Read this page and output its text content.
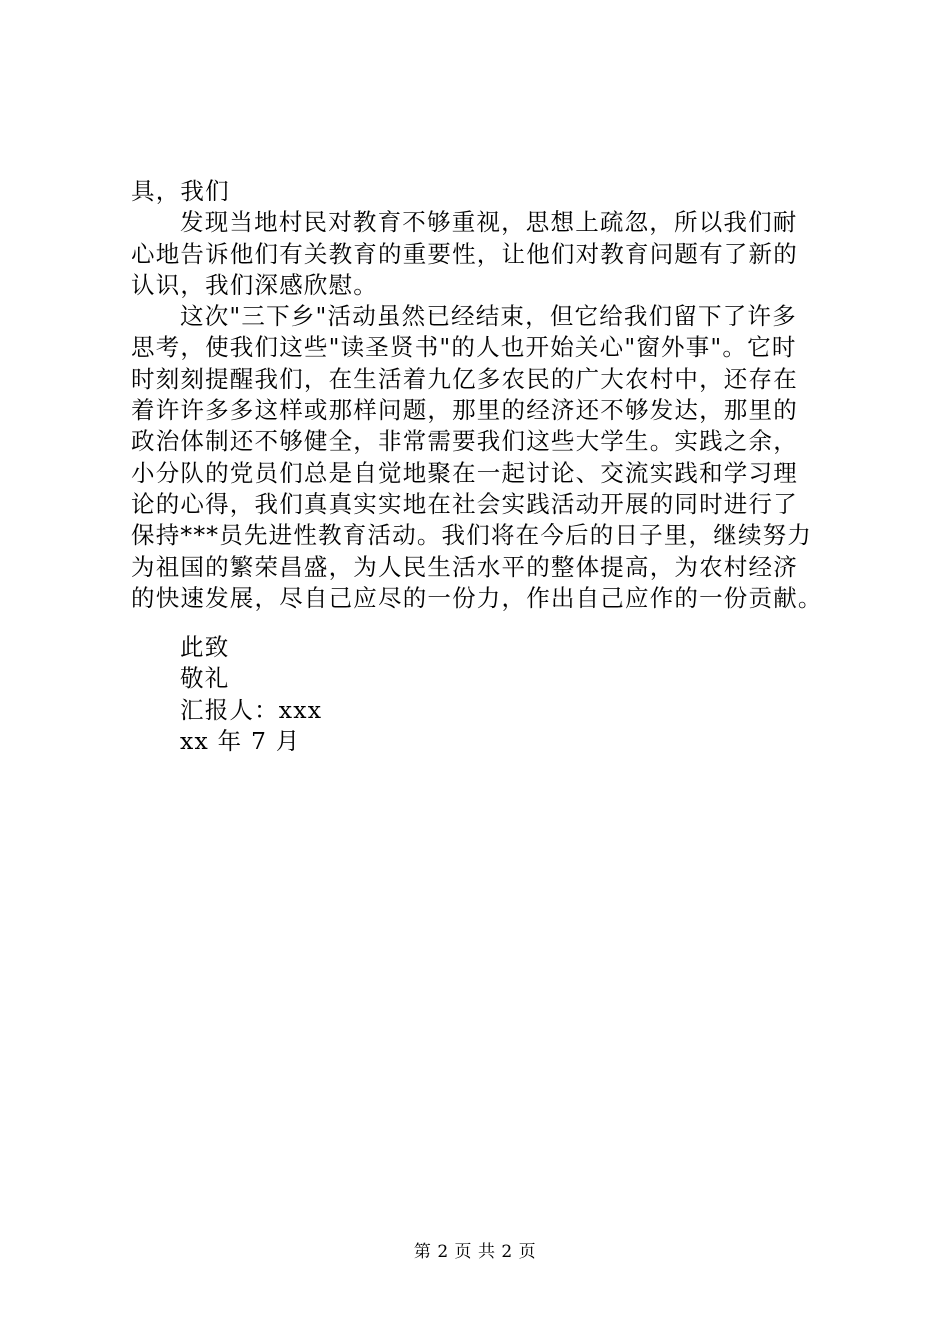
具，我们
发现当地村民对教育不够重视，思想上疏忽，所以我们耐
心地告诉他们有关教育的重要性，让他们对教育问题有了新的
认识，我们深感欣慰。
这次"三下乡"活动虽然已经结束，但它给我们留下了许多
思考，使我们这些"读圣贤书"的人也开始关心"窗外事"。它时
时刻刻提醒我们，在生活着九亿多农民的广大农村中，还存在
着许许多多这样或那样问题，那里的经济还不够发达，那里的
政治体制还不够健全，非常需要我们这些大学生。实践之余，
小分队的党员们总是自觉地聚在一起讨论、交流实践和学习理
论的心得，我们真真实实地在社会实践活动开展的同时进行了
保持***员先进性教育活动。我们将在今后的日子里，继续努力
为祖国的繁荣昌盛，为人民生活水平的整体提高，为农村经济
的快速发展，尽自己应尽的一份力，作出自己应作的一份贡献。
此致
敬礼
汇报人：xxx
xx 年 7 月
第 2 页 共 2 页
